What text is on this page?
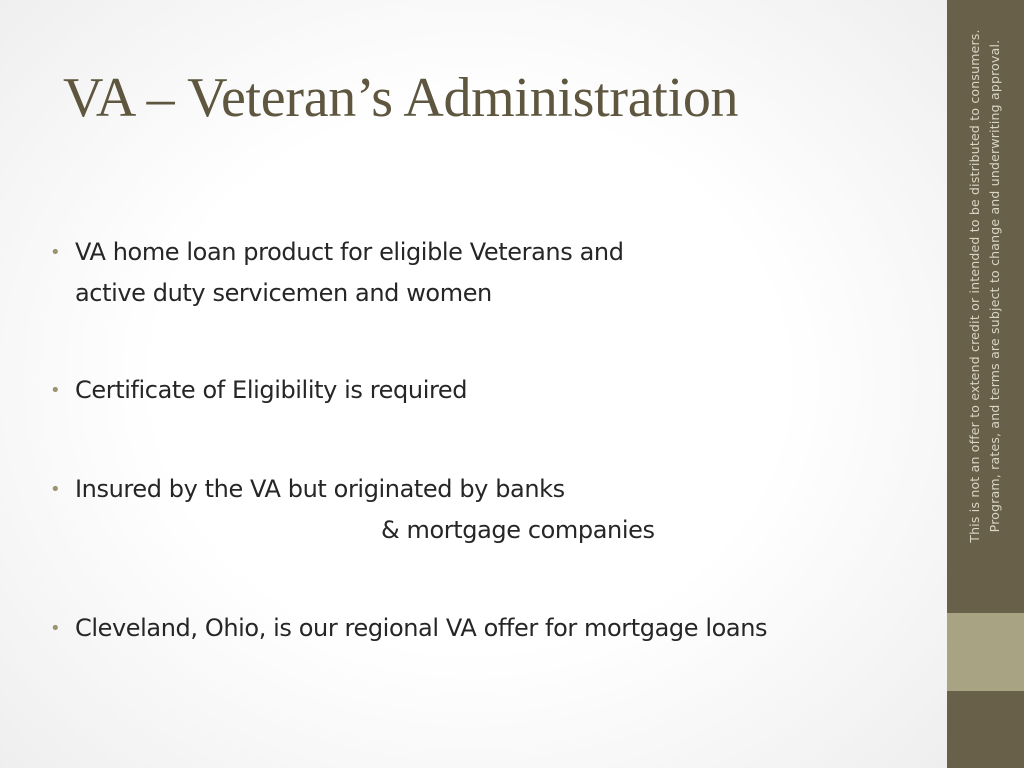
VA – Veteran’s Administration
• VA home loan product for eligible Veterans and
active duty servicemen and women
• Certificate of Eligibility is required
• Insured by the VA but originated by banks
& mortgage companies
• Cleveland, Ohio, is our regional VA offer for mortgage loans
This is not an offer to extend credit or intended to be distributed to consumers. Program, rates, and terms are subject to change and underwriting approval.
